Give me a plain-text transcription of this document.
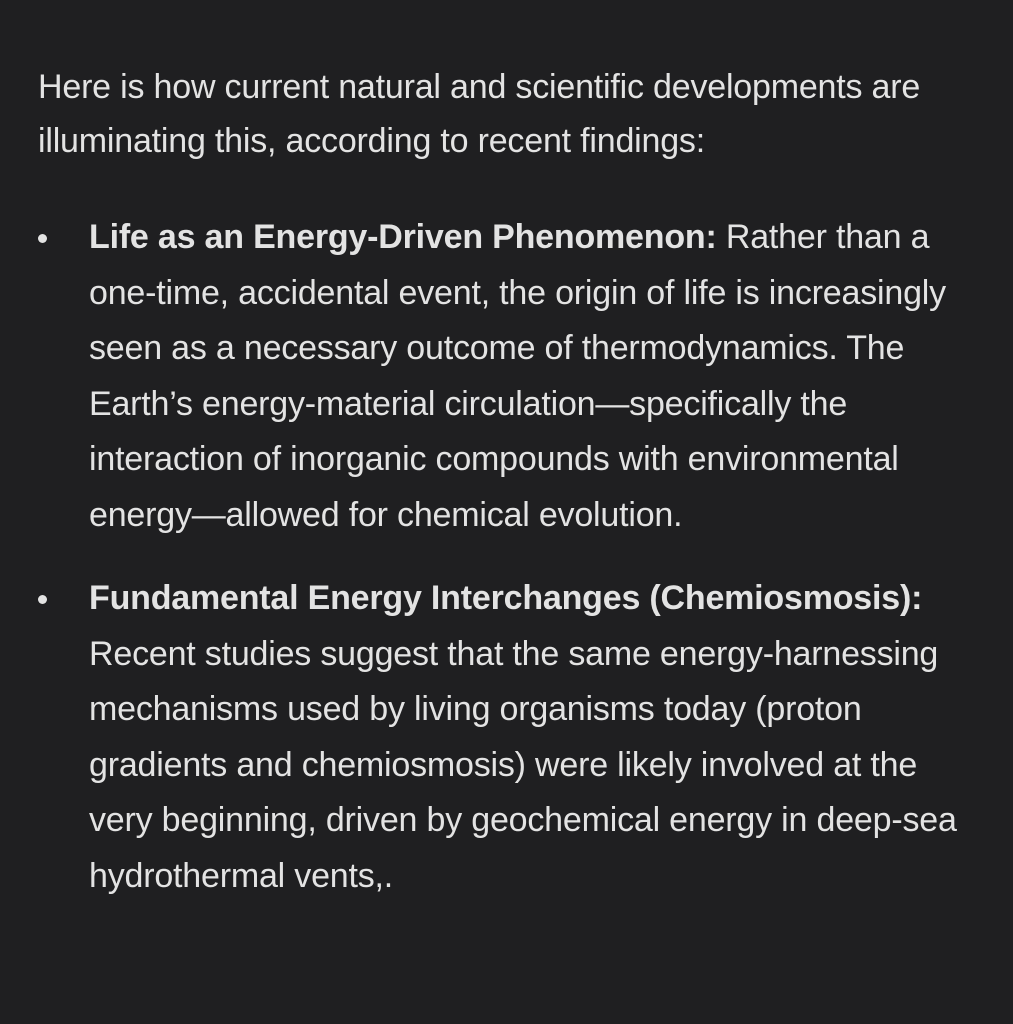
Here is how current natural and scientific developments are illuminating this, according to recent findings:

Life as an Energy-Driven Phenomenon: Rather than a one-time, accidental event, the origin of life is increasingly seen as a necessary outcome of thermodynamics. The Earth’s energy-material circulation—specifically the interaction of inorganic compounds with environmental energy—allowed for chemical evolution.
Fundamental Energy Interchanges (Chemiosmosis): Recent studies suggest that the same energy-harnessing mechanisms used by living organisms today (proton gradients and chemiosmosis) were likely involved at the very beginning, driven by geochemical energy in deep-sea hydrothermal vents,.
